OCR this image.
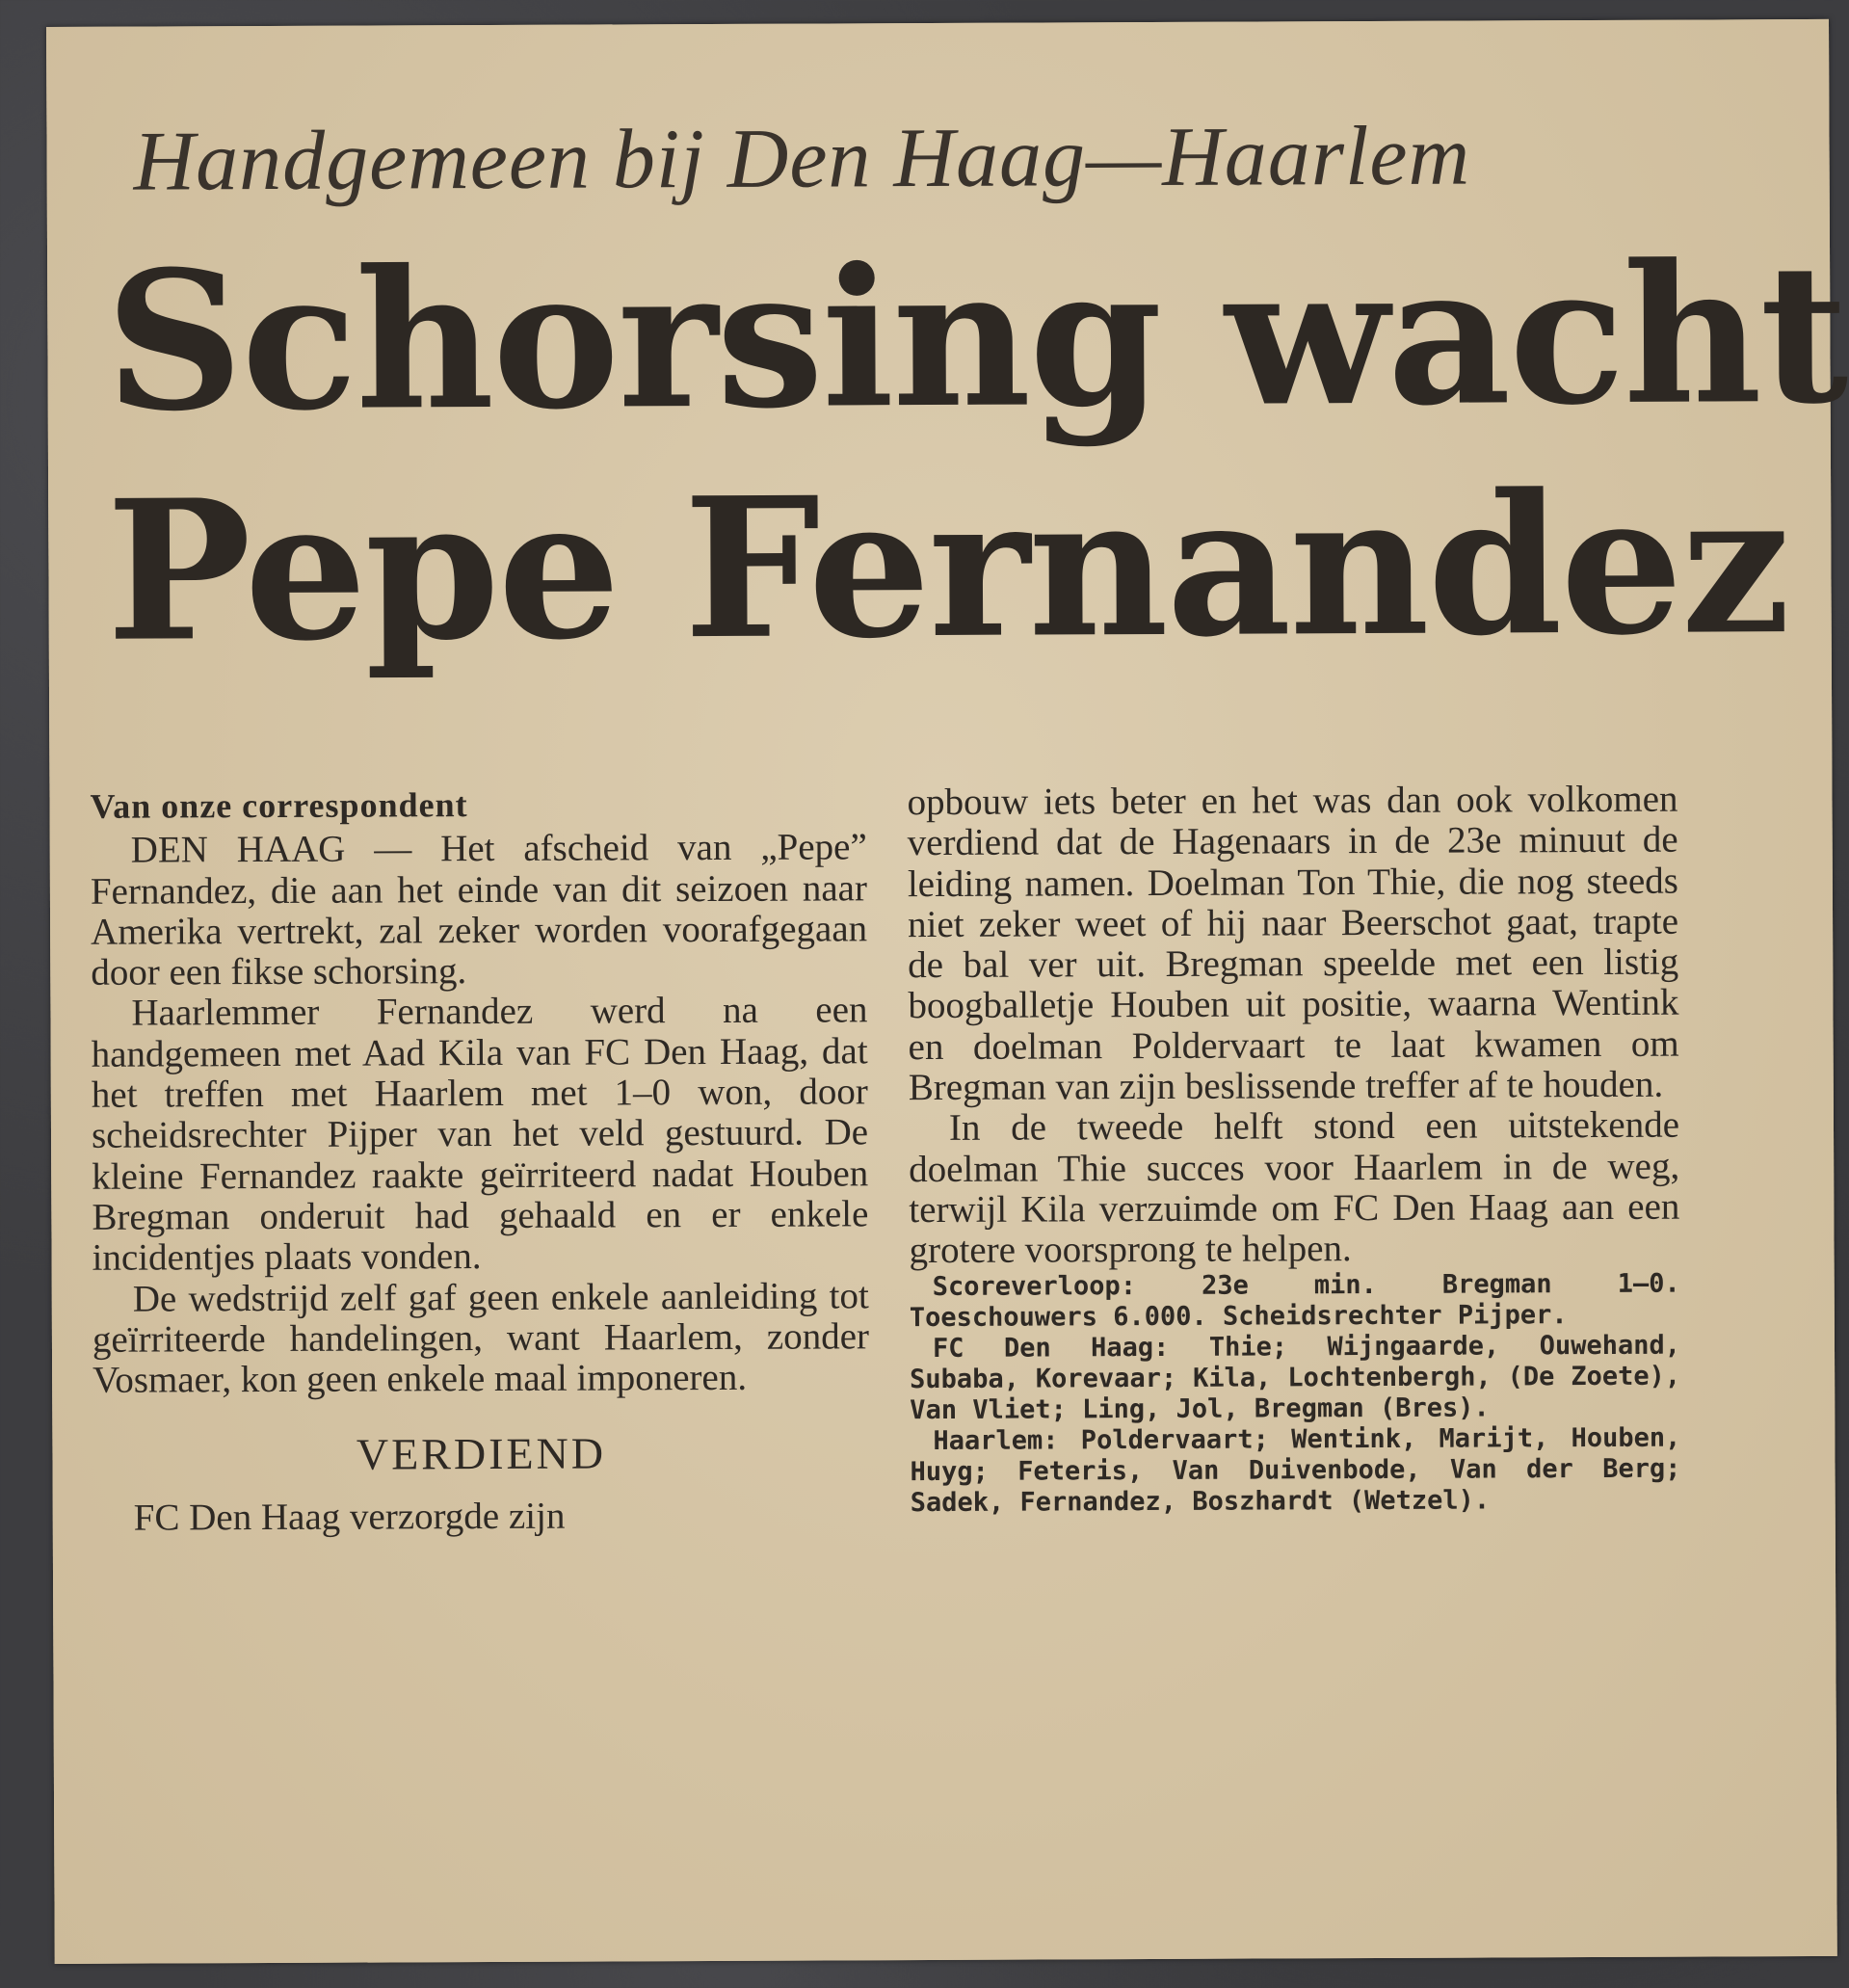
Handgemeen bij Den Haag—Haarlem
Schorsing wacht
Pepe Fernandez

Van onze correspondent

DEN HAAG — Het afscheid van „Pepe” Fernandez, die aan het einde van dit seizoen naar Amerika vertrekt, zal zeker worden voorafgegaan door een fikse schorsing.

Haarlemmer Fernandez werd na een handgemeen met Aad Kila van FC Den Haag, dat het treffen met Haarlem met 1–0 won, door scheidsrechter Pijper van het veld gestuurd. De kleine Fernandez raakte geïrriteerd nadat Houben Bregman onderuit had gehaald en er enkele incidentjes plaats vonden.

De wedstrijd zelf gaf geen enkele aanleiding tot geïrriteerde handelingen, want Haarlem, zonder Vosmaer, kon geen enkele maal imponeren.

VERDIEND

FC Den Haag verzorgde zijn

opbouw iets beter en het was dan ook volkomen verdiend dat de Hagenaars in de 23e minuut de leiding namen. Doelman Ton Thie, die nog steeds niet zeker weet of hij naar Beerschot gaat, trapte de bal ver uit. Bregman speelde met een listig boogballetje Houben uit positie, waarna Wentink en doelman Poldervaart te laat kwamen om Bregman van zijn beslissende treffer af te houden.

In de tweede helft stond een uitstekende doelman Thie succes voor Haarlem in de weg, terwijl Kila verzuimde om FC Den Haag aan een grotere voorsprong te helpen.

Scoreverloop: 23e min. Bregman 1–0. Toeschouwers 6.000. Scheidsrechter Pijper.

FC Den Haag: Thie; Wijngaarde, Ouwehand, Subaba, Korevaar; Kila, Lochtenbergh, (De Zoete), Van Vliet; Ling, Jol, Bregman (Bres).

Haarlem: Poldervaart; Wentink, Marijt, Houben, Huyg; Feteris, Van Duivenbode, Van der Berg; Sadek, Fernandez, Boszhardt (Wetzel).
